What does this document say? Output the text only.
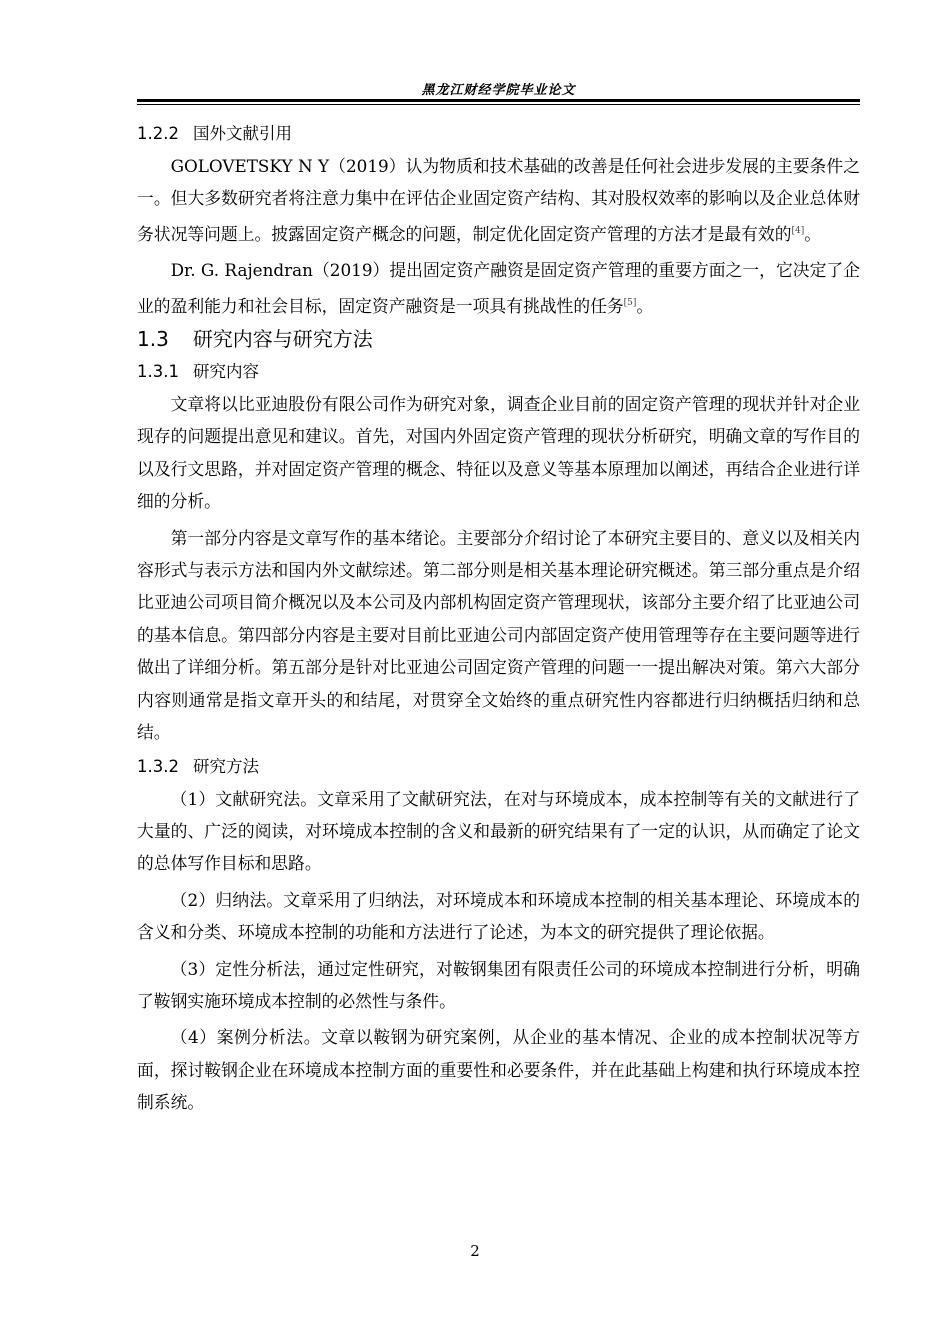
黑龙江财经学院毕业论文
1.2.2 国外文献引用

GOLOVETSKY N Y（2019）认为物质和技术基础的改善是任何社会进步发展的主要条件之一。但大多数研究者将注意力集中在评估企业固定资产结构、其对股权效率的影响以及企业总体财务状况等问题上。披露固定资产概念的问题，制定优化固定资产管理的方法才是最有效的[4]。

Dr. G. Rajendran（2019）提出固定资产融资是固定资产管理的重要方面之一，它决定了企业的盈利能力和社会目标，固定资产融资是一项具有挑战性的任务[5]。

1.3 研究内容与研究方法
1.3.1 研究内容

文章将以比亚迪股份有限公司作为研究对象，调查企业目前的固定资产管理的现状并针对企业现存的问题提出意见和建议。首先，对国内外固定资产管理的现状分析研究，明确文章的写作目的以及行文思路，并对固定资产管理的概念、特征以及意义等基本原理加以阐述，再结合企业进行详细的分析。

第一部分内容是文章写作的基本绪论。主要部分介绍讨论了本研究主要目的、意义以及相关内容形式与表示方法和国内外文献综述。第二部分则是相关基本理论研究概述。第三部分重点是介绍比亚迪公司项目简介概况以及本公司及内部机构固定资产管理现状，该部分主要介绍了比亚迪公司的基本信息。第四部分内容是主要对目前比亚迪公司内部固定资产使用管理等存在主要问题等进行做出了详细分析。第五部分是针对比亚迪公司固定资产管理的问题一一提出解决对策。第六大部分内容则通常是指文章开头的和结尾，对贯穿全文始终的重点研究性内容都进行归纳概括归纳和总结。

1.3.2 研究方法

（1）文献研究法。文章采用了文献研究法，在对与环境成本，成本控制等有关的文献进行了大量的、广泛的阅读，对环境成本控制的含义和最新的研究结果有了一定的认识，从而确定了论文的总体写作目标和思路。

（2）归纳法。文章采用了归纳法，对环境成本和环境成本控制的相关基本理论、环境成本的含义和分类、环境成本控制的功能和方法进行了论述，为本文的研究提供了理论依据。

（3）定性分析法，通过定性研究，对鞍钢集团有限责任公司的环境成本控制进行分析，明确了鞍钢实施环境成本控制的必然性与条件。

（4）案例分析法。文章以鞍钢为研究案例，从企业的基本情况、企业的成本控制状况等方面，探讨鞍钢企业在环境成本控制方面的重要性和必要条件，并在此基础上构建和执行环境成本控制系统。

2
